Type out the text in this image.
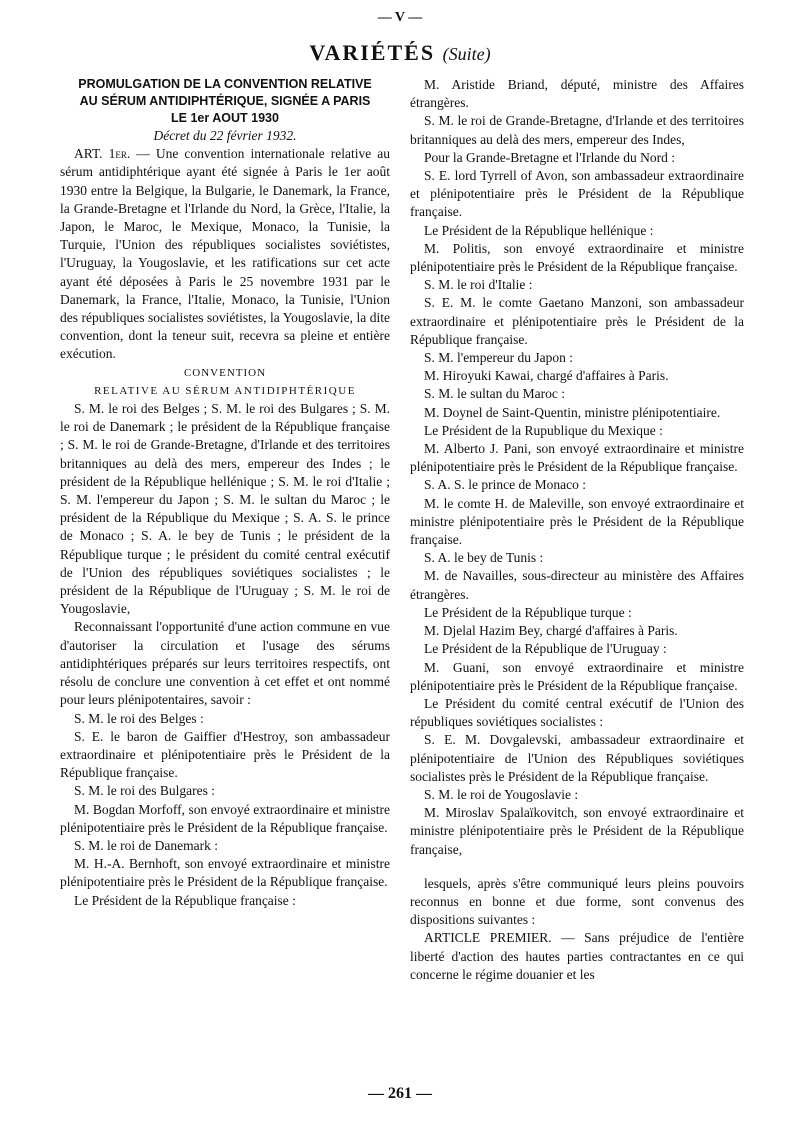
— V —
VARIÉTÉS (Suite)

PROMULGATION DE LA CONVENTION RELATIVE

AU SÉRUM ANTIDIPHTÉRIQUE, SIGNÉE A PARIS

LE 1er AOUT 1930

Décret du 22 février 1932.

ART. 1er. — Une convention internationale relative au sérum antidiphtérique ayant été signée à Paris le 1er août 1930 entre la Belgique, la Bulgarie, le Danemark, la France, la Grande-Bretagne et l'Irlande du Nord, la Grèce, l'Italie, la Japon, le Maroc, le Mexique, Monaco, la Tunisie, la Turquie, l'Union des républiques socialistes soviétistes, l'Uruguay, la Yougoslavie, et les ratifications sur cet acte ayant été déposées à Paris le 25 novembre 1931 par le Danemark, la France, l'Italie, Monaco, la Tunisie, l'Union des républiques socialistes soviétistes, la Yougoslavie, la dite convention, dont la teneur suit, recevra sa pleine et entière exécution.

CONVENTION

RELATIVE AU SÉRUM ANTIDIPHTÉRIQUE

S. M. le roi des Belges ; S. M. le roi des Bulgares ; S. M. le roi de Danemark ; le président de la République française ; S. M. le roi de Grande-Bretagne, d'Irlande et des territoires britanniques au delà des mers, empereur des Indes ; le président de la République hellénique ; S. M. le roi d'Italie ; S. M. l'empereur du Japon ; S. M. le sultan du Maroc ; le président de la République du Mexique ; S. A. S. le prince de Monaco ; S. A. le bey de Tunis ; le président de la République turque ; le président du comité central exécutif de l'Union des républiques soviétiques socialistes ; le président de la République de l'Uruguay ; S. M. le roi de Yougoslavie,

Reconnaissant l'opportunité d'une action commune en vue d'autoriser la circulation et l'usage des sérums antidiphtériques préparés sur leurs territoires respectifs, ont résolu de conclure une convention à cet effet et ont nommé pour leurs plénipotentaires, savoir :

S. M. le roi des Belges :

S. E. le baron de Gaiffier d'Hestroy, son ambassadeur extraordinaire et plénipotentiaire près le Président de la République française.

S. M. le roi des Bulgares :

M. Bogdan Morfoff, son envoyé extraordinaire et ministre plénipotentiaire près le Président de la République française.

S. M. le roi de Danemark :

M. H.-A. Bernhoft, son envoyé extraordinaire et ministre plénipotentiaire près le Président de la République française.

Le Président de la République française :

M. Aristide Briand, député, ministre des Affaires étrangères.

S. M. le roi de Grande-Bretagne, d'Irlande et des territoires britanniques au delà des mers, empereur des Indes,

Pour la Grande-Bretagne et l'Irlande du Nord :

S. E. lord Tyrrell of Avon, son ambassadeur extraordinaire et plénipotentiaire près le Président de la République française.

Le Président de la République hellénique :

M. Politis, son envoyé extraordinaire et ministre plénipotentiaire près le Président de la République française.

S. M. le roi d'Italie :

S. E. M. le comte Gaetano Manzoni, son ambassadeur extraordinaire et plénipotentiaire près le Président de la République française.

S. M. l'empereur du Japon :

M. Hiroyuki Kawai, chargé d'affaires à Paris.

S. M. le sultan du Maroc :

M. Doynel de Saint-Quentin, ministre plénipotentiaire.

Le Président de la Rupublique du Mexique :

M. Alberto J. Pani, son envoyé extraordinaire et ministre plénipotentiaire près le Président de la République française.

S. A. S. le prince de Monaco :

M. le comte H. de Maleville, son envoyé extraordinaire et ministre plénipotentiaire près le Président de la République française.

S. A. le bey de Tunis :

M. de Navailles, sous-directeur au ministère des Affaires étrangères.

Le Président de la République turque :

M. Djelal Hazim Bey, chargé d'affaires à Paris.

Le Président de la République de l'Uruguay :

M. Guani, son envoyé extraordinaire et ministre plénipotentiaire près le Président de la République française.

Le Président du comité central exécutif de l'Union des républiques soviétiques socialistes :

S. E. M. Dovgalevski, ambassadeur extraordinaire et plénipotentiaire de l'Union des Républiques soviétiques socialistes près le Président de la République française.

S. M. le roi de Yougoslavie :

M. Miroslav Spalaïkovitch, son envoyé extraordinaire et ministre plénipotentiaire près le Président de la République française,

lesquels, après s'être communiqué leurs pleins pouvoirs reconnus en bonne et due forme, sont convenus des dispositions suivantes :

ARTICLE PREMIER. — Sans préjudice de l'entière liberté d'action des hautes parties contractantes en ce qui concerne le régime douanier et les

— 261 —
